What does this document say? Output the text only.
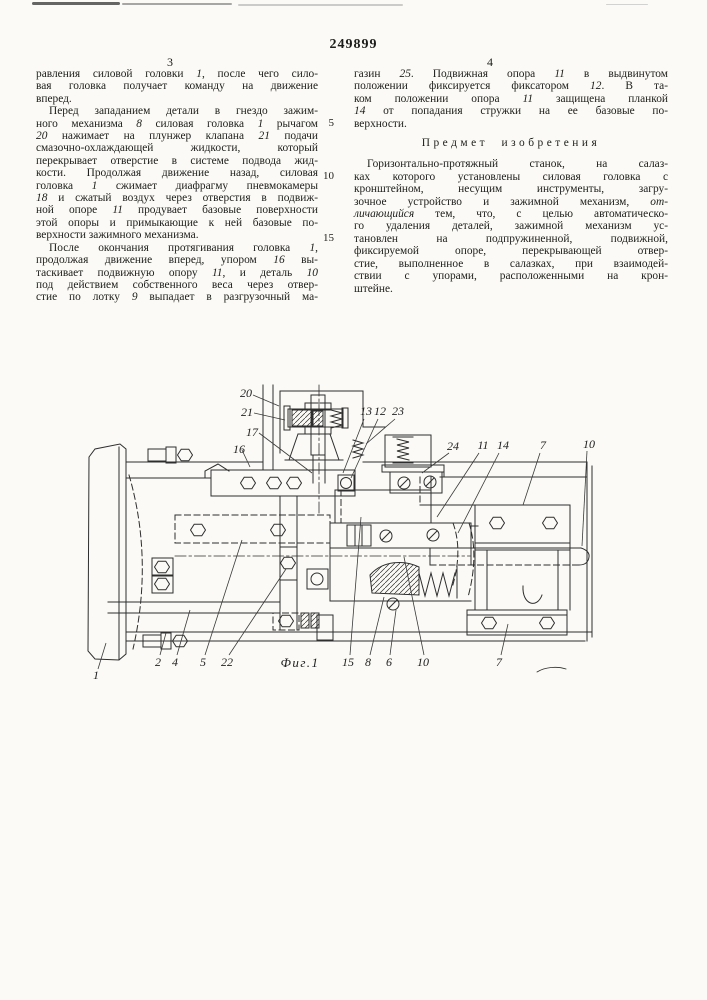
249899
3	4
равления силовой головки 1, после чего сило-
вая головка получает команду на движение
вперед.
Перед западанием детали в гнездо зажим-
ного механизма 8 силовая головка 1 рычагом
20 нажимает на плунжер клапана 21 подачи
смазочно-охлаждающей жидкости, который
перекрывает отверстие в системе подвода жид-
кости. Продолжая движение назад, силовая
головка 1 сжимает диафрагму пневмокамеры
18 и сжатый воздух через отверстия в подвиж-
ной опоре 11 продувает базовые поверхности
этой опоры и примыкающие к ней базовые по-
верхности зажимного механизма.
После окончания протягивания головка 1,
продолжая движение вперед, упором 16 вы-
таскивает подвижную опору 11, и деталь 10
под действием собственного веса через отвер-
стие по лотку 9 выпадает в разгрузочный ма-
5
10
15
газин 25. Подвижная опора 11 в выдвинутом
положении фиксируется фиксатором 12. В та-
ком положении опора 11 защищена планкой
14 от попадания стружки на ее базовые по-
верхности.
Предмет изобретения
Горизонтально-протяжный станок, на салаз-
ках которого установлены силовая головка с
кронштейном, несущим инструменты, загру-
зочное устройство и зажимной механизм, от-
личающийся тем, что, с целью автоматическо-
го удаления деталей, зажимной механизм ус-
тановлен на подпружиненной, подвижной,
фиксируемой опоре, перекрывающей отвер-
стие, выполненное в салазках, при взаимодей-
ствии с упорами, расположенными на крон-
штейне.
20
21
17
16
13 12 23
24 11 14	7	10
1
2 4 5 22	Фиг.1 15 8 6 10	7
